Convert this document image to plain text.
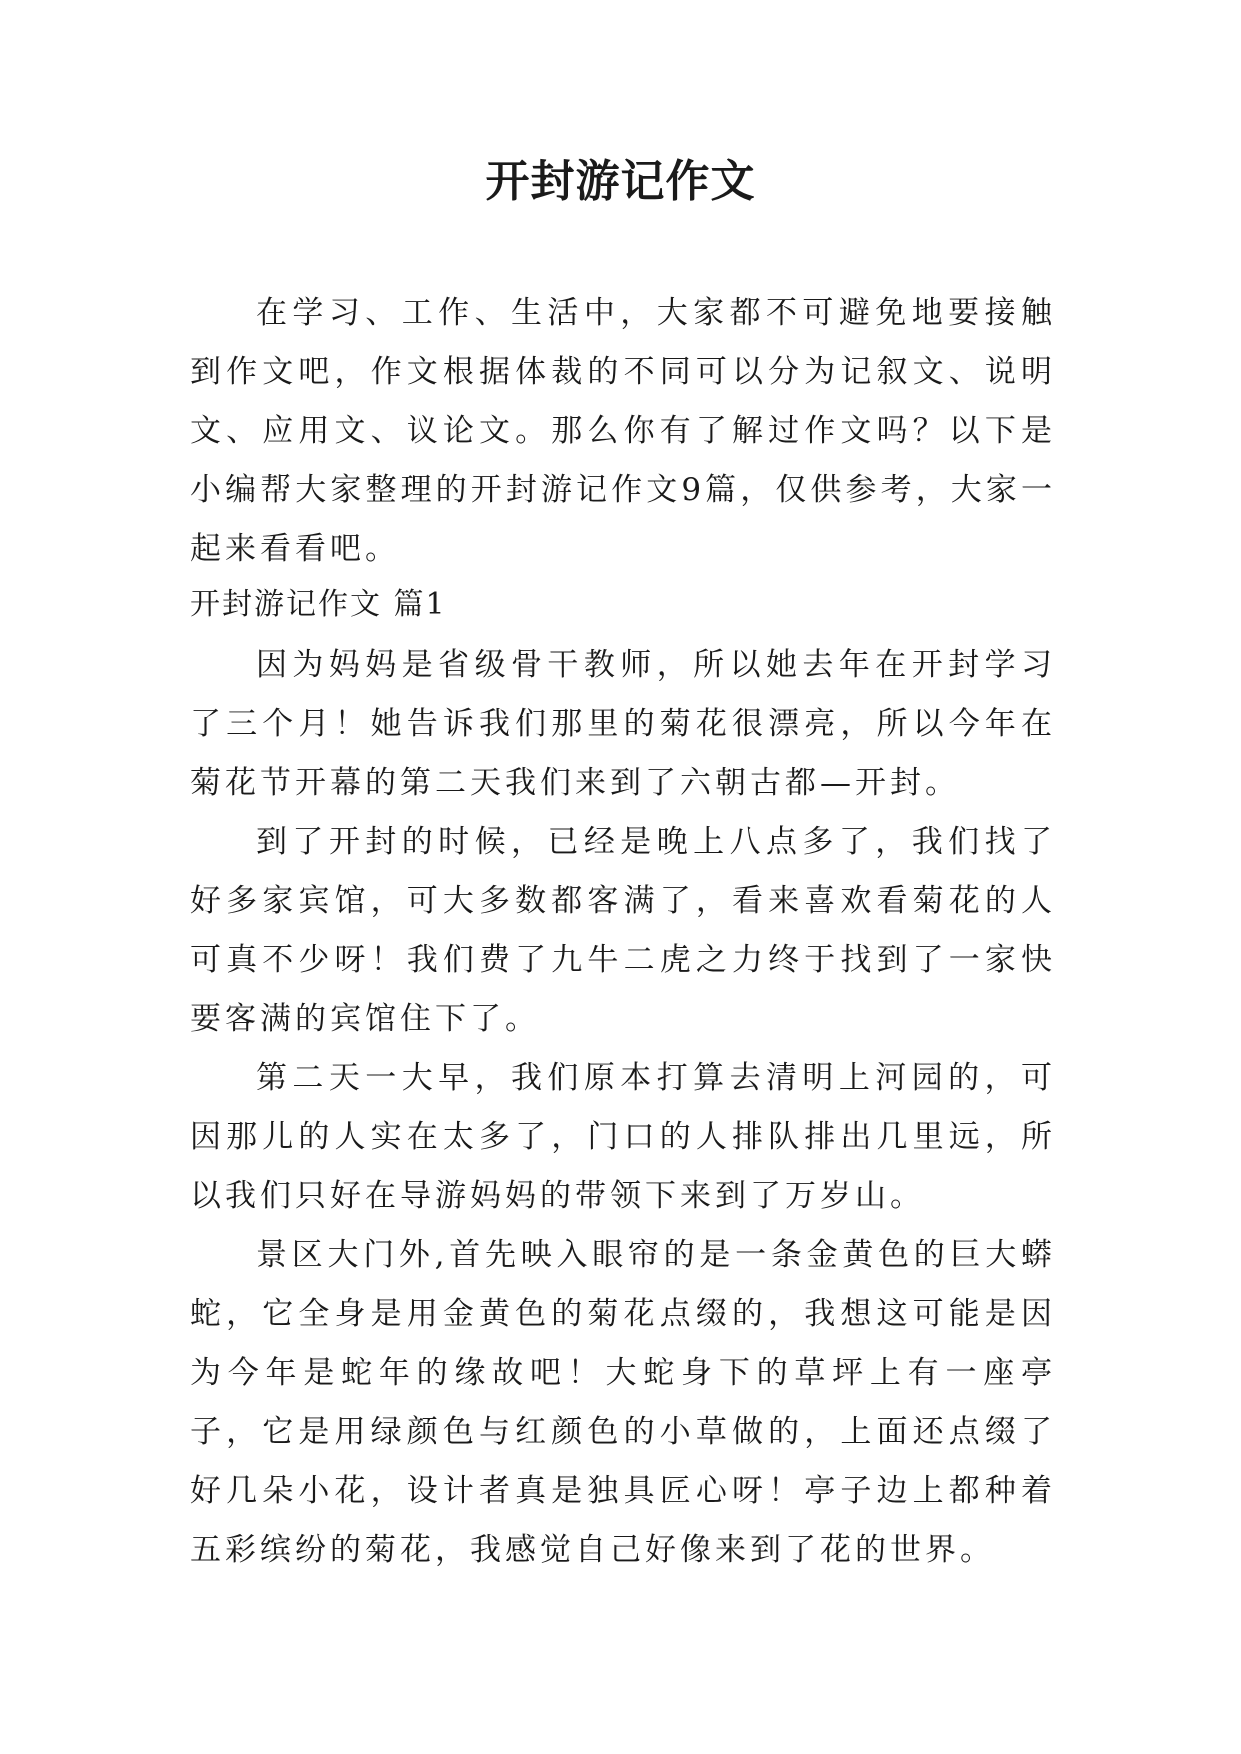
开封游记作文

在学习、工作、生活中，大家都不可避免地要接触到作文吧，作文根据体裁的不同可以分为记叙文、说明文、应用文、议论文。那么你有了解过作文吗？以下是小编帮大家整理的开封游记作文9篇，仅供参考，大家一起来看看吧。

开封游记作文 篇1

因为妈妈是省级骨干教师，所以她去年在开封学习了三个月！她告诉我们那里的菊花很漂亮，所以今年在菊花节开幕的第二天我们来到了六朝古都—开封。

到了开封的时候，已经是晚上八点多了，我们找了好多家宾馆，可大多数都客满了，看来喜欢看菊花的人可真不少呀！我们费了九牛二虎之力终于找到了一家快要客满的宾馆住下了。

第二天一大早，我们原本打算去清明上河园的，可因那儿的人实在太多了，门口的人排队排出几里远，所以我们只好在导游妈妈的带领下来到了万岁山。

景区大门外,首先映入眼帘的是一条金黄色的巨大蟒蛇，它全身是用金黄色的菊花点缀的，我想这可能是因为今年是蛇年的缘故吧！大蛇身下的草坪上有一座亭子，它是用绿颜色与红颜色的小草做的，上面还点缀了好几朵小花，设计者真是独具匠心呀！亭子边上都种着五彩缤纷的菊花，我感觉自己好像来到了花的世界。
